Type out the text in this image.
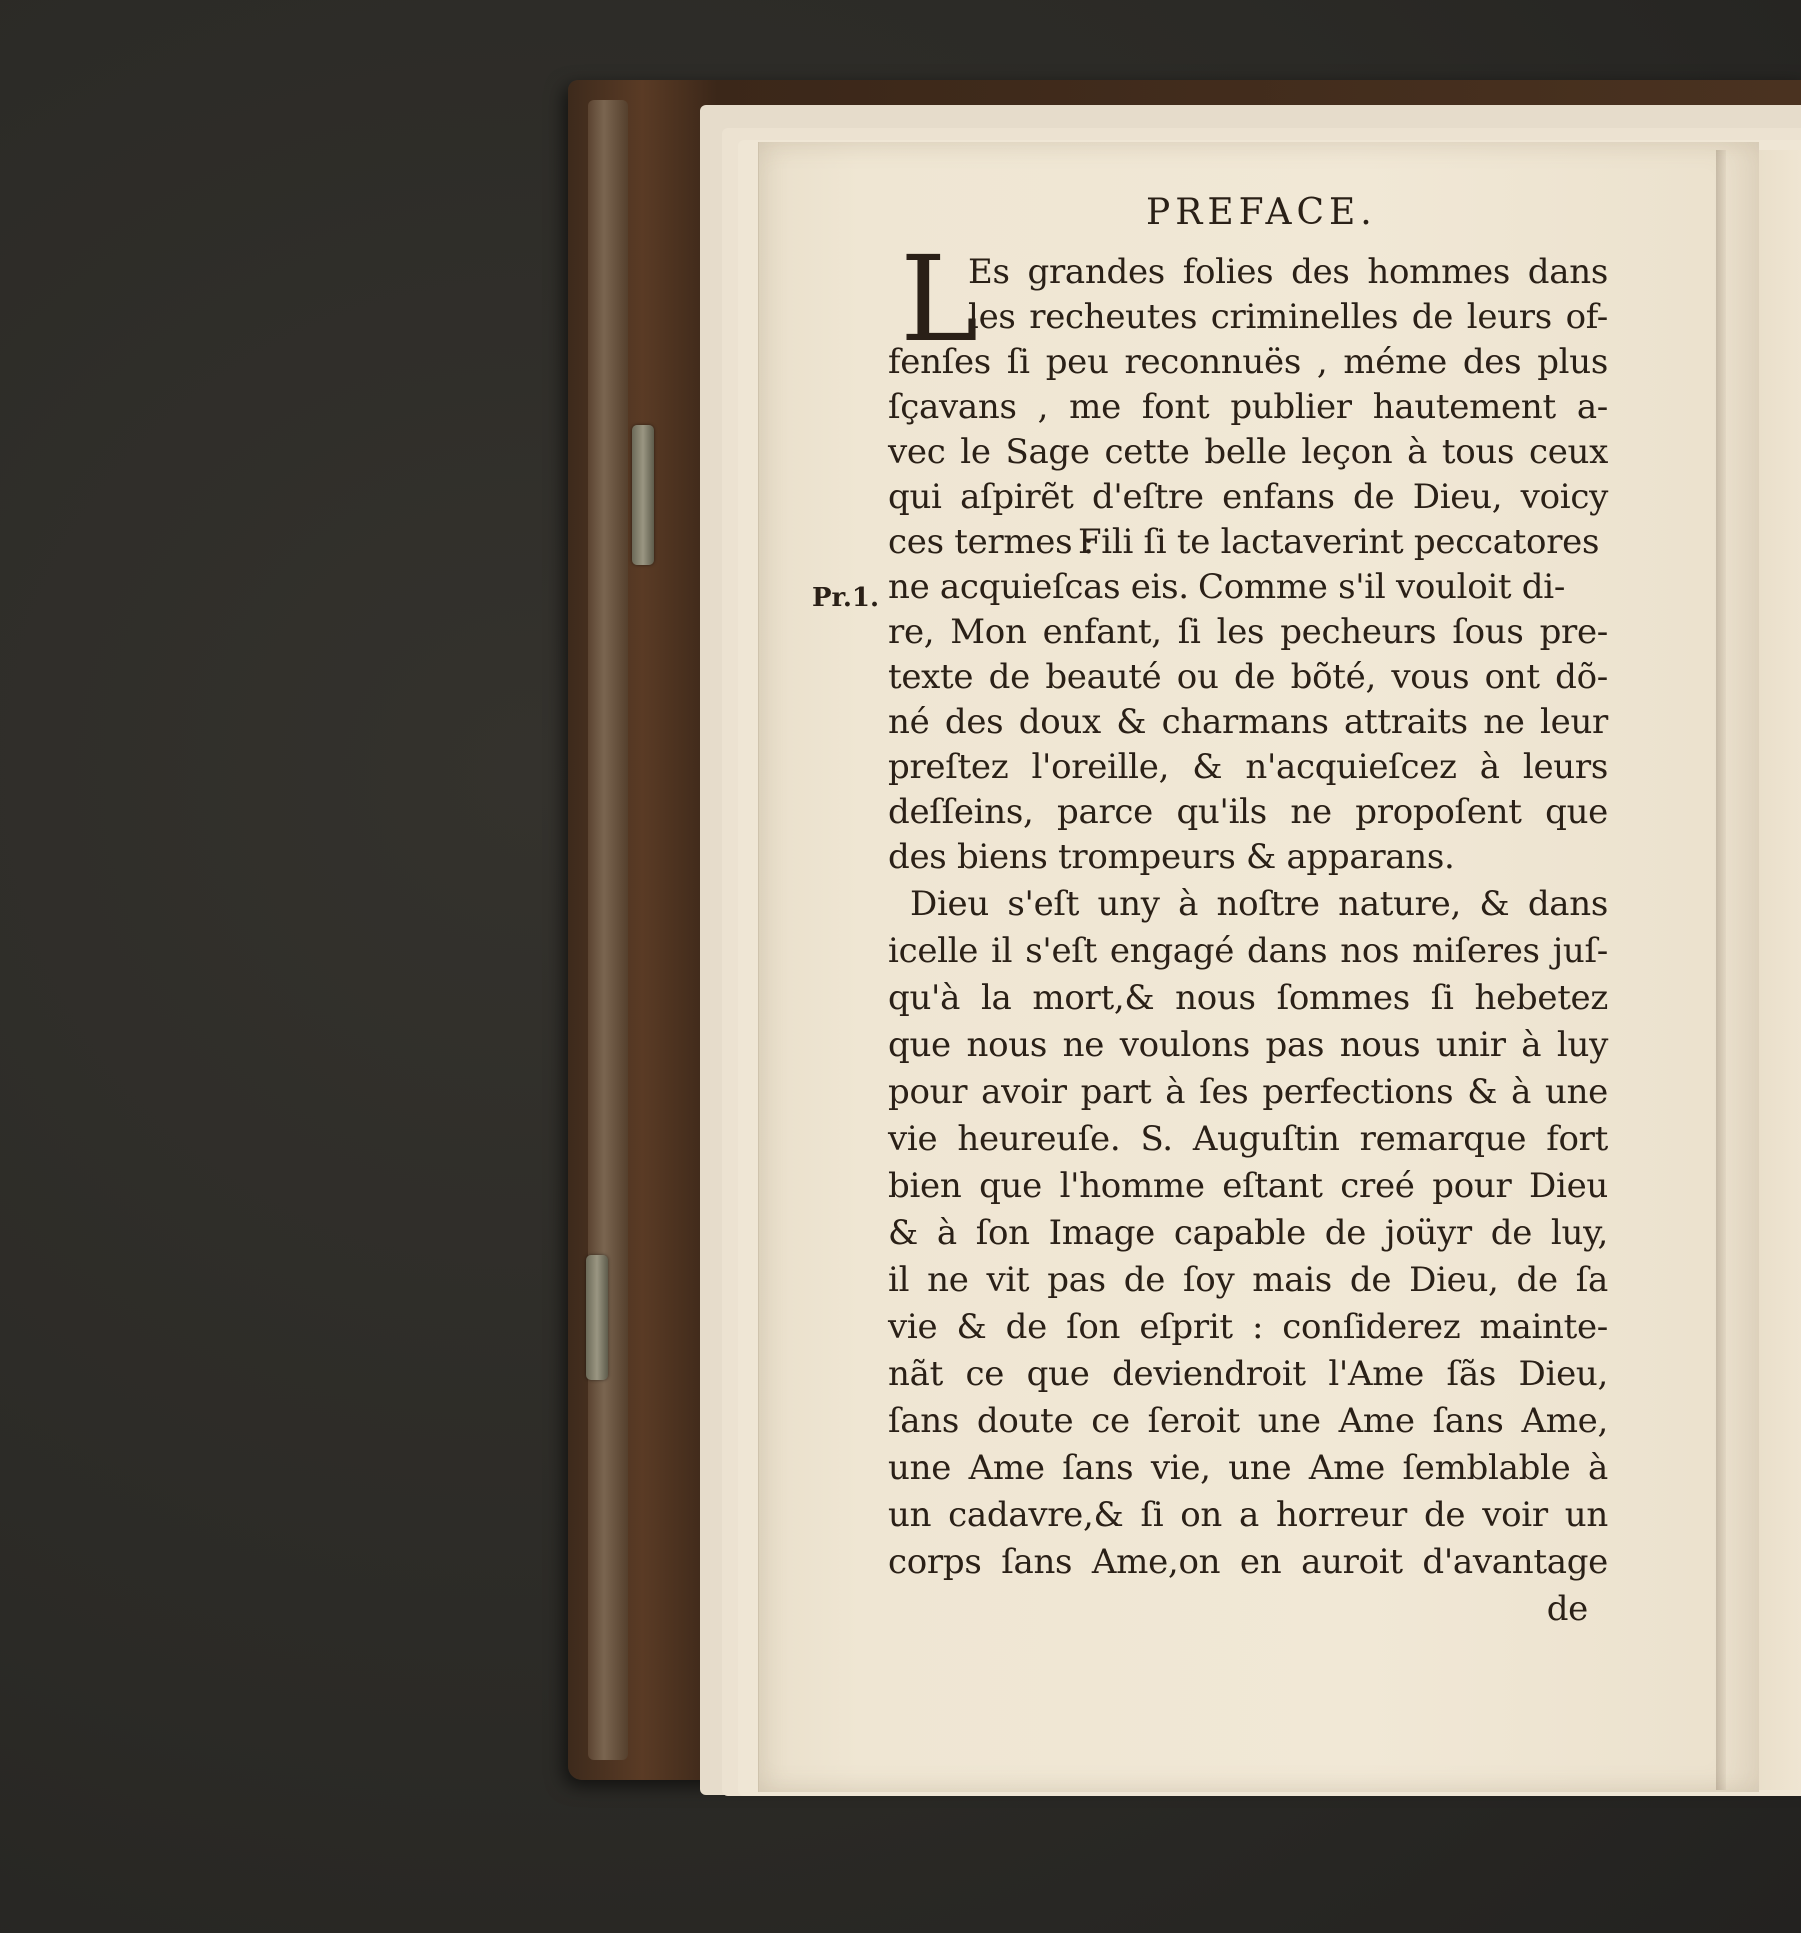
Pr.1.
PREFACE.
L
Es grandes folies des hommes dans
les recheutes criminelles de leurs of-
fenſes ſi peu reconnuës , méme des plus
ſçavans , me font publier hautement a-
vec le Sage cette belle leçon à tous ceux
qui aſpirẽt d'eſtre enfans de Dieu, voicy
ces termes :
Fili ſi te lactaverint peccatores
ne acquieſcas eis. Comme s'il vouloit di-
re, Mon enfant, ſi les pecheurs ſous pre-
texte de beauté ou de bõté, vous ont dõ-
né des doux & charmans attraits ne leur
preſtez l'oreille, & n'acquieſcez à leurs
deſſeins, parce qu'ils ne propoſent que
des biens trompeurs & apparans.
Dieu s'eſt uny à noſtre nature, & dans
icelle il s'eſt engagé dans nos miſeres juſ-
qu'à la mort,& nous ſommes ſi hebetez
que nous ne voulons pas nous unir à luy
pour avoir part à ſes perfections & à une
vie heureuſe. S. Auguſtin remarque fort
bien que l'homme eſtant creé pour Dieu
& à ſon Image capable de joüyr de luy,
il ne vit pas de ſoy mais de Dieu, de ſa
vie & de ſon eſprit : conſiderez mainte-
nãt ce que deviendroit l'Ame ſãs Dieu,
ſans doute ce ſeroit une Ame ſans Ame,
une Ame ſans vie, une Ame ſemblable à
un cadavre,& ſi on a horreur de voir un
corps ſans Ame,on en auroit d'avantage
de
